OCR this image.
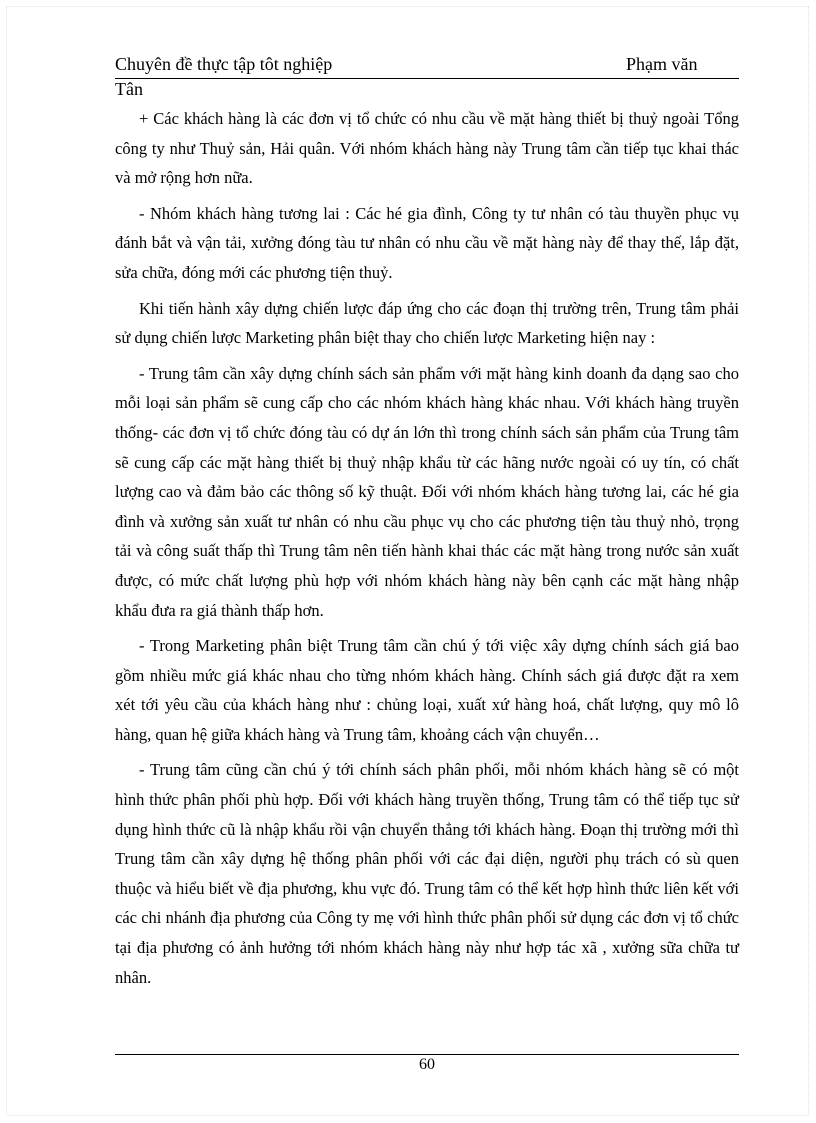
Chuyên đề thực tập tôt nghiệp	Phạm văn
Tân

+ Các khách hàng là các đơn vị tổ chức có nhu cầu về mặt hàng thiết bị thuỷ ngoài Tổng công ty như Thuỷ sản, Hải quân. Với nhóm khách hàng này Trung tâm cần tiếp tục khai thác và mở rộng hơn nữa.

- Nhóm khách hàng tương lai : Các hé gia đình, Công ty tư nhân có tàu thuyền phục vụ đánh bắt và vận tải, xưởng đóng tàu tư nhân có nhu cầu về mặt hàng này để thay thế, lắp đặt, sửa chữa, đóng mới các phương tiện thuỷ.

Khi tiến hành xây dựng chiến lược đáp ứng cho các đoạn thị trường trên, Trung tâm phải sử dụng chiến lược Marketing phân biệt thay cho chiến lược Marketing hiện nay :

- Trung tâm cần xây dựng chính sách sản phẩm với mặt hàng kinh doanh đa dạng sao cho mỗi loại sản phẩm sẽ cung cấp cho các nhóm khách hàng khác nhau. Với khách hàng truyền thống- các đơn vị tổ chức đóng tàu có dự án lớn thì trong chính sách sản phẩm của Trung tâm sẽ cung cấp các mặt hàng thiết bị thuỷ nhập khẩu từ các hãng nước ngoài có uy tín, có chất lượng cao và đảm bảo các thông số kỹ thuật. Đối với nhóm khách hàng tương lai, các hé gia đình và xưởng sản xuất tư nhân có nhu cầu phục vụ cho các phương tiện tàu thuỷ nhỏ, trọng tải và công suất thấp thì Trung tâm nên tiến hành khai thác các mặt hàng trong nước sản xuất được, có mức chất lượng phù hợp với nhóm khách hàng này bên cạnh các mặt hàng nhập khẩu đưa ra giá thành thấp hơn.

- Trong Marketing phân biệt Trung tâm cần chú ý tới việc xây dựng chính sách giá bao gồm nhiều mức giá khác nhau cho từng nhóm khách hàng. Chính sách giá được đặt ra xem xét tới yêu cầu của khách hàng như : chủng loại, xuất xứ hàng hoá, chất lượng, quy mô lô hàng, quan hệ giữa khách hàng và Trung tâm, khoảng cách vận chuyển…

- Trung tâm cũng cần chú ý tới chính sách phân phối, mỗi nhóm khách hàng sẽ có một hình thức phân phối phù hợp. Đối với khách hàng truyền thống, Trung tâm có thể tiếp tục sử dụng hình thức cũ là nhập khẩu rồi vận chuyển thẳng tới khách hàng. Đoạn thị trường mới thì Trung tâm cần xây dựng hệ thống phân phối với các đại diện, người phụ trách có sù quen thuộc và hiểu biết về địa phương, khu vực đó. Trung tâm có thể kết hợp hình thức liên kết với các chi nhánh địa phương của Công ty mẹ với hình thức phân phối sử dụng các đơn vị tổ chức tại địa phương có ảnh hưởng tới nhóm khách hàng này như hợp tác xã , xưởng sữa chữa tư nhân.

60
